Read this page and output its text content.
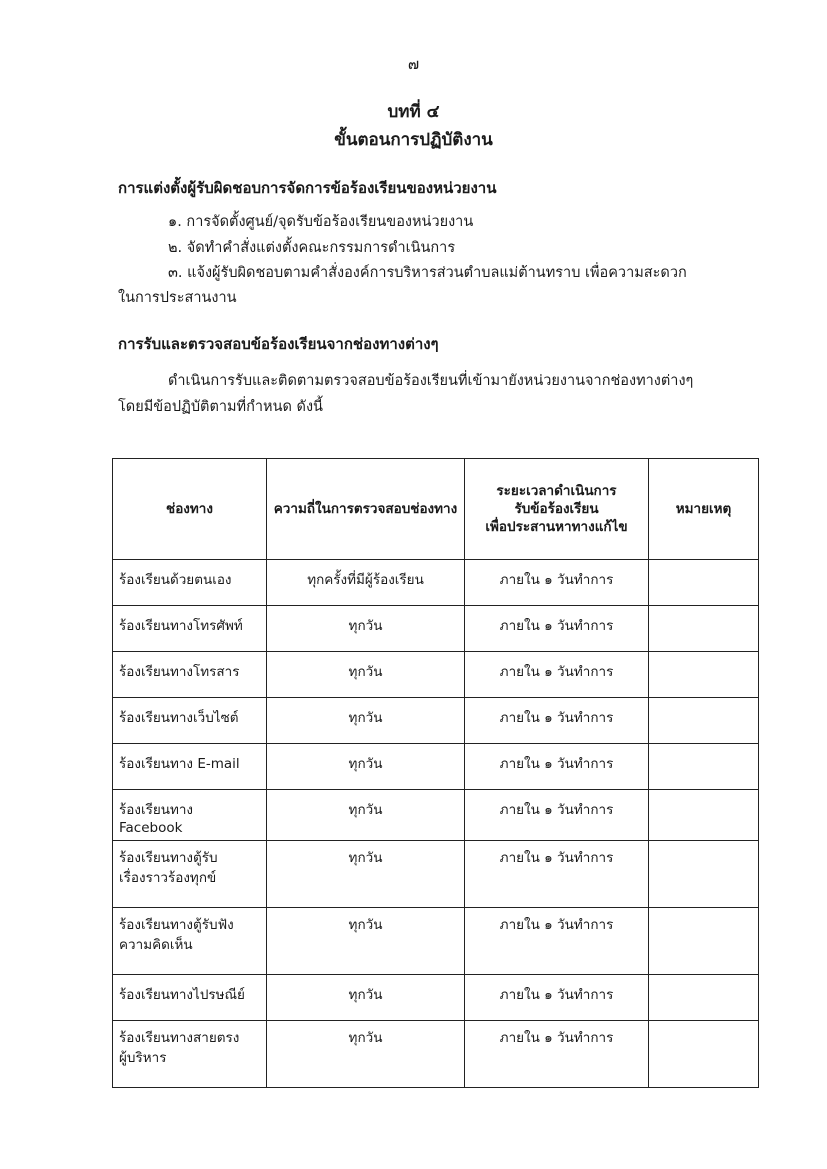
๗
บทที่ ๔
ขั้นตอนการปฏิบัติงาน
การแต่งตั้งผู้รับผิดชอบการจัดการข้อร้องเรียนของหน่วยงาน
๑. การจัดตั้งศูนย์/จุดรับข้อร้องเรียนของหน่วยงาน
๒. จัดทำคำสั่งแต่งตั้งคณะกรรมการดำเนินการ
๓. แจ้งผู้รับผิดชอบตามคำสั่งองค์การบริหารส่วนตำบลแม่ต้านทราบ เพื่อความสะดวก
ในการประสานงาน
การรับและตรวจสอบข้อร้องเรียนจากช่องทางต่างๆ
ดำเนินการรับและติดตามตรวจสอบข้อร้องเรียนที่เข้ามายังหน่วยงานจากช่องทางต่างๆ
โดยมีข้อปฏิบัติตามที่กำหนด ดังนี้
ช่องทาง	ความถี่ในการตรวจสอบช่องทาง	ระยะเวลาดำเนินการ
รับข้อร้องเรียน
เพื่อประสานหาทางแก้ไข	หมายเหตุ

ร้องเรียนด้วยตนเอง	ทุกครั้งที่มีผู้ร้องเรียน	ภายใน ๑ วันทำการ	

ร้องเรียนทางโทรศัพท์	ทุกวัน	ภายใน ๑ วันทำการ	

ร้องเรียนทางโทรสาร	ทุกวัน	ภายใน ๑ วันทำการ	

ร้องเรียนทางเว็บไซต์	ทุกวัน	ภายใน ๑ วันทำการ	

ร้องเรียนทาง E-mail	ทุกวัน	ภายใน ๑ วันทำการ	

ร้องเรียนทาง Facebook	ทุกวัน	ภายใน ๑ วันทำการ	

ร้องเรียนทางตู้รับ
เรื่องราวร้องทุกข์	ทุกวัน	ภายใน ๑ วันทำการ	

ร้องเรียนทางตู้รับฟัง
ความคิดเห็น	ทุกวัน	ภายใน ๑ วันทำการ	

ร้องเรียนทางไปรษณีย์	ทุกวัน	ภายใน ๑ วันทำการ	

ร้องเรียนทางสายตรง
ผู้บริหาร	ทุกวัน	ภายใน ๑ วันทำการ	
